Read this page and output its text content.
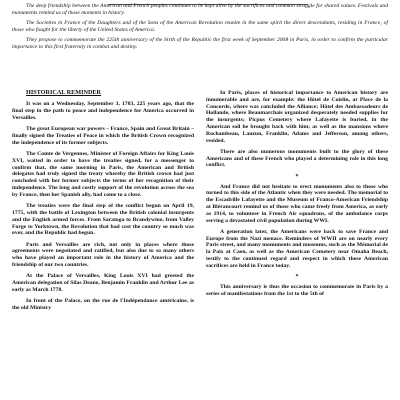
The deep friendship between the American and French peoples continues to be kept alive by the sacrifices and common struggle for shared values. Festivals and monuments remind us of those moments in history.

The Societies in France of the Daughters and of the Sons of the American Revolution reunite in the same spirit the direct descendants, residing in France, of those who fought for the liberty of the United States of America.

They propose to commemorate the 225th anniversary of the birth of the Republic the first week of September 2008 in Paris, in order to confirm the particular importance to this first fraternity in combat and destiny.

HISTORICAL REMINDER

It was on a Wednesday, September 3, 1783, 225 years ago, that the final step in the path to peace and independence for America occurred in Versailles.

The great European war powers – France, Spain and Great Britain – finally signed the Treaties of Peace in which the British Crown recognized the independence of its former subjects.

The Comte de Vergennes, Minister of Foreign Affairs for King Louis XVI, waited in order to have the treaties signed, for a messenger to confirm that, the same morning in Paris, the American and British delegates had truly signed the treaty whereby the British crown had just concluded with her former subjects the terms of her recognition of their independence. The long and costly support of the revolution across the sea by France, then her Spanish ally, had come to a close.

The treaties were the final step of the conflict begun on April 19, 1775, with the battle of Lexington between the British colonial insurgents and the English armed forces. From Saratoga to Brandywine, from Valley Forge to Yorktown, the Revolution that had cost the country so much was over, and the Republic had begun.

Paris and Versailles are rich, not only in places where those agreements were negotiated and ratified, but also due to so many others who have played an important role in the history of America and the friendship of our two countries.

At the Palace of Versailles, King Louis XVI had greeted the American delegation of Silas Deane, Benjamin Franklin and Arthur Lee as early as March 1778.

In front of the Palace, on the rue de l'Indépendance américaine, is the old Ministry

In Paris, places of historical importance to American history are innumerable and are, for example: the Hôtel de Coislin, at Place de la Concorde, where was concluded the Alliance; Hôtel des Ambassadeurs de Hollande, where Beaumarchais organized desperately needed supplies for the insurgents; Picpus Cemetery where Lafayette is buried, in the American soil he brought back with him; as well as the mansions where Rochambeau, Lauzun, Franklin, Adams and Jefferson, among others, resided.

There are also numerous monuments built to the glory of these Americans and of these French who played a determining role in this long conflict.

*

And France did not hesitate to erect monuments also to those who turned to this side of the Atlantic when they were needed. The memorial to the Escadrille Lafayette and the Museum of Franco-American Friendship at Blérancourt remind us of those who came freely from America, as early as 1914, to volunteer in French Air squadrons, of the ambulance corps serving a devastated civil population during WWI.

A generation later, the Americans were back to save France and Europe from the Nazi menace. Reminders of WWII are on nearly every Paris street, and many monuments and museums, such as the Mémorial de la Paix at Caen, as well as the American Cemetery near Omaha Beach, testify to the continued regard and respect in which these American sacrifices are held in France today.

*

This anniversary is thus the occasion to commemorate in Paris by a series of manifestations from the 1st to the 5th of
